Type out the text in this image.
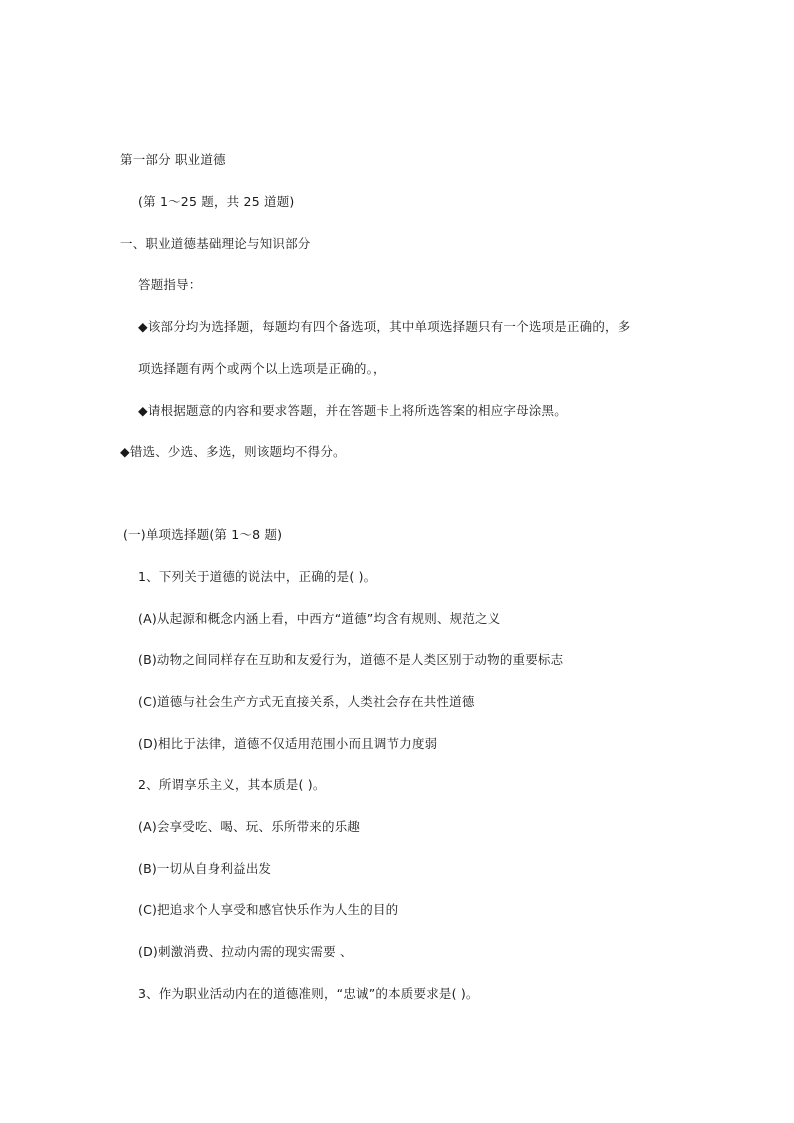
第一部分 职业道德
(第 1～25 题，共 25 道题)
一、职业道德基础理论与知识部分
答题指导：
◆该部分均为选择题，每题均有四个备选项，其中单项选择题只有一个选项是正确的，多
项选择题有两个或两个以上选项是正确的。，
◆请根据题意的内容和要求答题，并在答题卡上将所选答案的相应字母涂黑。
◆错选、少选、多选，则该题均不得分。
(一)单项选择题(第 1～8 题)
1、下列关于道德的说法中，正确的是( )。
(A)从起源和概念内涵上看，中西方“道德”均含有规则、规范之义
(B)动物之间同样存在互助和友爱行为，道德不是人类区别于动物的重要标志
(C)道德与社会生产方式无直接关系，人类社会存在共性道德
(D)相比于法律，道德不仅适用范围小而且调节力度弱
2、所谓享乐主义，其本质是( )。
(A)会享受吃、喝、玩、乐所带来的乐趣
(B)一切从自身利益出发
(C)把追求个人享受和感官快乐作为人生的目的
(D)刺激消费、拉动内需的现实需要 、
3、作为职业活动内在的道德准则，“忠诚”的本质要求是( )。
